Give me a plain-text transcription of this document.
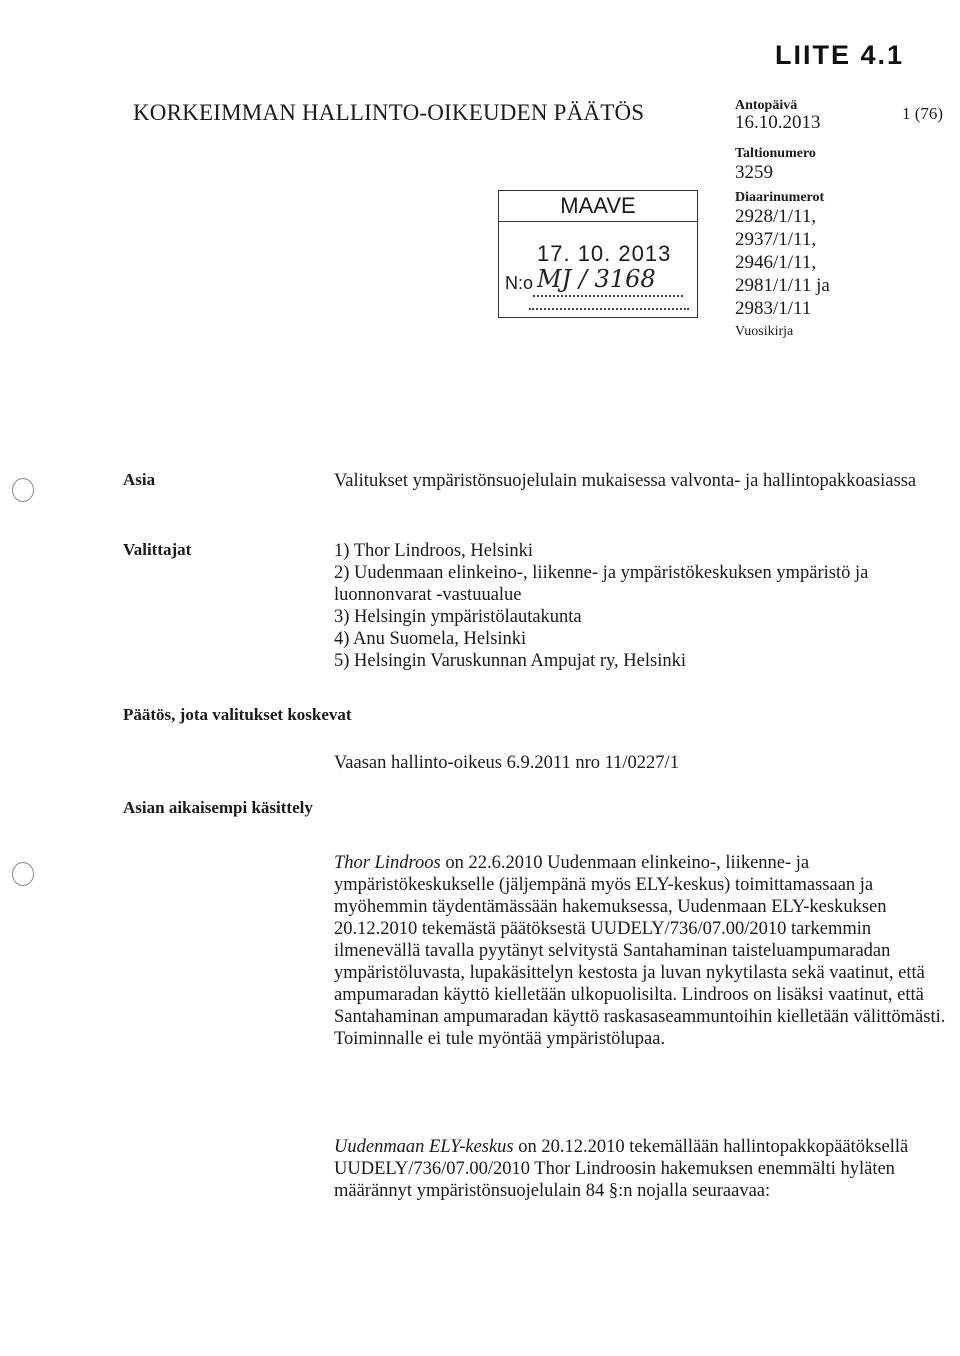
LIITE 4.1
KORKEIMMAN HALLINTO-OIKEUDEN PÄÄTÖS	Antopäivä
16.10.2013	1 (76)
Taltionumero
3259
Diaarinumerot
2928/1/11,
2937/1/11,
2946/1/11,
2981/1/11 ja
2983/1/11
Vuosikirja
MAAVE
17. 10. 2013
N:o MJ / 3168
Asia	Valitukset ympäristönsuojelulain mukaisessa valvonta- ja hallintopakkoasiassa
Valittajat	1) Thor Lindroos, Helsinki
2) Uudenmaan elinkeino-, liikenne- ja ympäristökeskuksen ympäristö ja luonnonvarat -vastuualue
3) Helsingin ympäristölautakunta
4) Anu Suomela, Helsinki
5) Helsingin Varuskunnan Ampujat ry, Helsinki
Päätös, jota valitukset koskevat
Vaasan hallinto-oikeus 6.9.2011 nro 11/0227/1
Asian aikaisempi käsittely
Thor Lindroos on 22.6.2010 Uudenmaan elinkeino-, liikenne- ja ympäristökeskukselle (jäljempänä myös ELY-keskus) toimittamassaan ja myöhemmin täydentämässään hakemuksessa, Uudenmaan ELY-keskuksen 20.12.2010 tekemästä päätöksestä UUDELY/736/07.00/2010 tarkemmin ilmenevällä tavalla pyytänyt selvitystä Santahaminan taisteluampumaradan ympäristöluvasta, lupakäsittelyn kestosta ja luvan nykytilasta sekä vaatinut, että ampumaradan käyttö kielletään ulkopuolisilta. Lindroos on lisäksi vaatinut, että Santahaminan ampumaradan käyttö raskasaseammuntoihin kielletään välittömästi. Toiminnalle ei tule myöntää ympäristölupaa.
Uudenmaan ELY-keskus on 20.12.2010 tekemällään hallintopakkopäätöksellä UUDELY/736/07.00/2010 Thor Lindroosin hakemuksen enemmälti hyläten määrännyt ympäristönsuojelulain 84 §:n nojalla seuraavaa:
